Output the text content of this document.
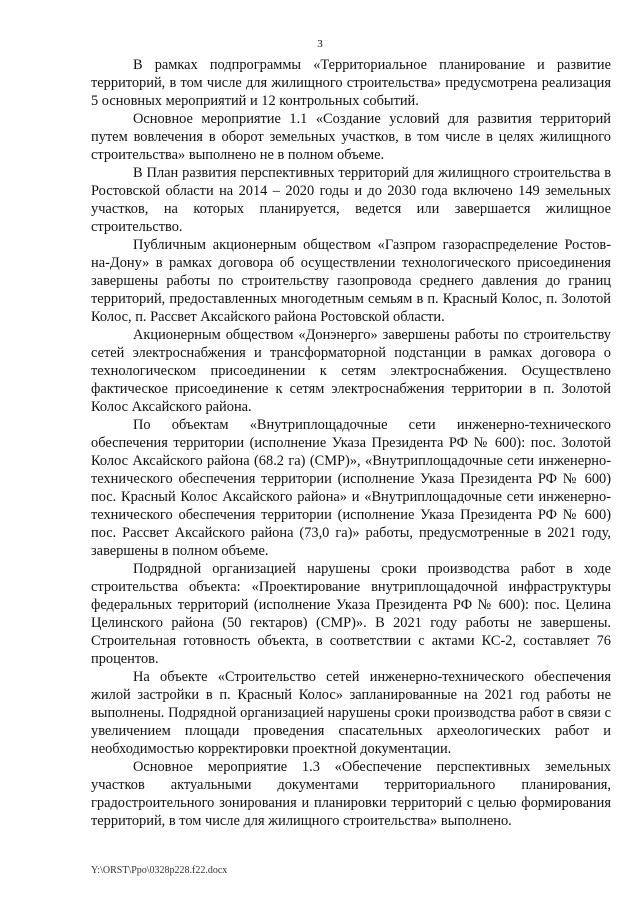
3

В рамках подпрограммы «Территориальное планирование и развитие территорий, в том числе для жилищного строительства» предусмотрена реализация 5 основных мероприятий и 12 контрольных событий.

Основное мероприятие 1.1 «Создание условий для развития территорий путем вовлечения в оборот земельных участков, в том числе в целях жилищного строительства» выполнено не в полном объеме.

В План развития перспективных территорий для жилищного строительства в Ростовской области на 2014 – 2020 годы и до 2030 года включено 149 земельных участков, на которых планируется, ведется или завершается жилищное строительство.

Публичным акционерным обществом «Газпром газораспределение Ростов-на-Дону» в рамках договора об осуществлении технологического присоединения завершены работы по строительству газопровода среднего давления до границ территорий, предоставленных многодетным семьям в п. Красный Колос, п. Золотой Колос, п. Рассвет Аксайского района Ростовской области.

Акционерным обществом «Донэнерго» завершены работы по строительству сетей электроснабжения и трансформаторной подстанции в рамках договора о технологическом присоединении к сетям электроснабжения. Осуществлено фактическое присоединение к сетям электроснабжения территории в п. Золотой Колос Аксайского района.

По объектам «Внутриплощадочные сети инженерно-технического обеспечения территории (исполнение Указа Президента РФ № 600): пос. Золотой Колос Аксайского района (68.2 га) (СМР)», «Внутриплощадочные сети инженерно-технического обеспечения территории (исполнение Указа Президента РФ № 600) пос. Красный Колос Аксайского района» и «Внутриплощадочные сети инженерно-технического обеспечения территории (исполнение Указа Президента РФ № 600) пос. Рассвет Аксайского района (73,0 га)» работы, предусмотренные в 2021 году, завершены в полном объеме.

Подрядной организацией нарушены сроки производства работ в ходе строительства объекта: «Проектирование внутриплощадочной инфраструктуры федеральных территорий (исполнение Указа Президента РФ № 600): пос. Целина Целинского района (50 гектаров) (СМР)». В 2021 году работы не завершены. Строительная готовность объекта, в соответствии с актами КС-2, составляет 76 процентов.

На объекте «Строительство сетей инженерно-технического обеспечения жилой застройки в п. Красный Колос» запланированные на 2021 год работы не выполнены. Подрядной организацией нарушены сроки производства работ в связи с увеличением площади проведения спасательных археологических работ и необходимостью корректировки проектной документации.

Основное мероприятие 1.3 «Обеспечение перспективных земельных участков актуальными документами территориального планирования, градостроительного зонирования и планировки территорий с целью формирования территорий, в том числе для жилищного строительства» выполнено.

Y:\ORST\Ppo\0328p228.f22.docx
